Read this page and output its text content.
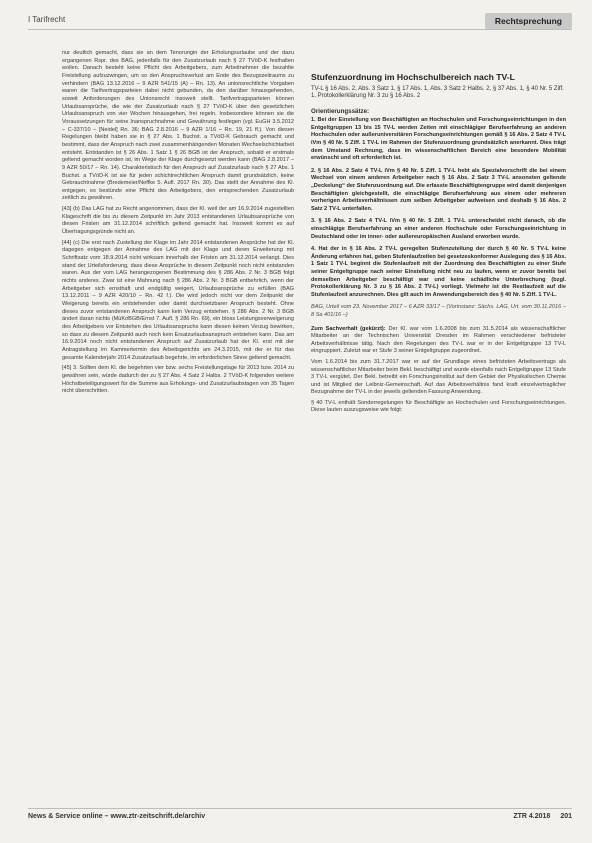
I Tarifrecht	Rechtsprechung

nur deutlich gemacht, dass sie an dem Tenorungin der Erholungsurlaube und der dazu ergangenen Rspr. des BAG, jedenfalls für den Zusatzurlaub nach § 27 TVöD-K festhalten wollen. Danach besteht keine Pflicht des Arbeitgebers, zum Arbeitnehmer die bezahlte Freistellung aufzuzwingen, um so den Anspruchsverlust am Ende des Bezugszeitraums zu verhindern (BAG 13.12.2016 – 9 AZR 541/15 (A) – Rn. 13). An unionsrechtliche Vorgaben waren die Tarifvertragsparteien dabei nicht gebunden, da den darüber hinausgehenden, soweit Anforderungen des Unionsrecht insoweit stellt. Tarifvertragsparteien können Urlaubsansprüche, die wie der Zusatzurlaub nach § 27 TVöD-K über den gesetzlichen Urlaubsanspruch von vier Wochen hinausgehen, frei regeln. Insbesondere können sie die Voraussetzungen für seine Inanspruchnahme und Gewährung festlegen (vgl. EuGH 3.5.2012 – C-337/10 – [Neidel] Rn. 36; BAG 2.8.2016 – 9 AZR 1/16 – Rn. 19, 21 ff.). Von diesen Regelungen bleibt haben sie in § 27 Abs. 1 Buchst. a TVöD-K Gebrauch gemacht und bestimmt, dass der Anspruch nach zwei zusammenhängenden Monaten Wechselschichtarbeit entsteht. Entstanden ist § 26 Abs. 1 Satz 1 § 26 BGB ist der Anspruch, sobald er erstmals geltend gemacht worden ist, im Wege der Klage durchgesetzt werden kann (BAG 2.8.2017 – 9 AZR 50/17 – Rn. 14). Charakteristisch für den Anspruch auf Zusatzurlaub nach § 27 Abs. 1 Buchst. a TVöD-K ist sie für jeden schichtrechtlichen Anspruch damit grundsätzlich, keine Gebrauchtnahme (Bredemeier/Neffke 5. Aufl. 2017 Rn. 30). Das stellt der Annahme des Kl. entgegen, es bestünde eine Pflicht des Arbeitgebers, den entsprechenden Zusatzurlaub zeitlich zu gewähren.

[43] (b) Das LAG hat zu Recht angenommen, dass der Kl. weil der am 16.9.2014 zugestellten Klageschrift die bis zu diesem Zeitpunkt im Jahr 2013 entstandenen Urlaubsansprüche von diesen Fristen am 31.12.2014 schriftlich geltend gemacht hat. Insoweit kommt es auf Übertragungsgründe nicht an.

[44] (c) Die erst nach Zustellung der Klage im Jahr 2014 entstandenen Ansprüche hat der Kl. dagegen entgegen der Annahme des LAG mit der Klage und deren Erweiterung mit Schriftsatz vom 18.9.2014 nicht wirksam innerhalb der Fristen am 31.12.2014 verlangt. Dies stand der Urteilsforderung, dass diese Ansprüche in diesem Zeitpunkt noch nicht entstanden waren. Aus der vom LAG herangezogenen Bestimmung des § 286 Abs. 2 Nr. 3 BGB folgt nichts anderes. Zwar ist eine Mahnung nach § 286 Abs. 2 Nr. 3 BGB entbehrlich, wenn der Arbeitgeber sich ernsthaft und endgültig weigert, Urlaubsansprüche zu erfüllen (BAG 13.12.2011 – 9 AZR 420/10 – Rn. 42 f.). Die wird jedoch nicht vor dem Zeitpunkt der Weigerung bereits ein entstehender oder damit durchsetzbarer Anspruch besteht. Ohne dieses zuvor entstandenen Anspruch kann kein Verzug entstehen. § 286 Abs. 2 Nr. 3 BGB ändert daran nichts (MüKoBGB/Ernst 7. Aufl. § 286 Rn. 69), ein bloss Leistungsverweigerung des Arbeitgebers vor Entstehen des Urlaubsanspruchs kann diesen keinen Verzug bewirken, so dass zu diesem Zeitpunkt auch noch kein Ersatzurlaubsanspruch entstehen kann. Das am 16.9.2014 noch nicht entstandenen Anspruch auf Zusatzurlaub hat der Kl. erst mit der Antragstellung im Kammertermin des Arbeitsgerichts am 24.3.2015, mit der er für das gesamte Kalenderjahr 2014 Zusatzurlaub begehrte, im erforderlichen Sinne geltend gemacht.

[45] 3. Sollten dem Kl. die begehrten vier bzw. sechs Freistellungstage für 2013 bzw. 2014 zu gewähren sein, würde dadurch der zu § 27 Abs. 4 Satz 2 Halbs. 2 TVöD-K folgenden weitere Höchstbeteiligungswert für die Summe aus Erholungs- und Zusatzurlaubstagen von 35 Tagen nicht überschritten.

Stufenzuordnung im Hochschulbereich nach TV-L
TV-L § 16 Abs. 2, Abs. 3 Satz 1, § 17 Abs. 1, Abs. 3 Satz 2 Halbs. 2, § 37 Abs. 1, § 40 Nr. 5 Ziff. 1, Protokollerklärung Nr. 3 zu § 16 Abs. 2
Orientierungssätze:

1. Bei der Einstellung von Beschäftigten an Hochschulen und Forschungseinrichtungen in den Entgeltgruppen 13 bis 15 TV-L werden Zeiten mit einschlägiger Berufserfahrung an anderen Hochschulen oder außeruniversitären Forschungseinrichtungen gemäß § 16 Abs. 2 Satz 4 TV-L iVm § 40 Nr. 5 Ziff. 1 TV-L im Rahmen der Stufenzuordnung grundsätzlich anerkannt. Dies trägt dem Umstand Rechnung, dass im wissenschaftlichen Bereich eine besondere Mobilität erwünscht und oft erforderlich ist.

2. § 16 Abs. 2 Satz 4 TV-L iVm § 40 Nr. 5 Ziff. 1 TV-L hebt als Spezialvorschrift die bei einem Wechsel von einem anderen Arbeitgeber nach § 16 Abs. 2 Satz 3 TV-L ansonsten geltende „Deckelung“ der Stufenzuordnung auf. Die erfasste Beschäftigtengruppe wird damit denjenigen Beschäftigten gleichgestellt, die einschlägige Berufserfahrung aus einem oder mehreren vorherigen Arbeitsverhältnissen zum selben Arbeitgeber aufweisen und deshalb § 16 Abs. 2 Satz 2 TV-L unterfallen.

3. § 16 Abs. 2 Satz 4 TV-L iVm § 40 Nr. 5 Ziff. 1 TV-L unterscheidet nicht danach, ob die einschlägige Berufserfahrung an einer anderen Hochschule oder Forschungseinrichtung in Deutschland oder im inner- oder außereuropäischen Ausland erworben wurde.

4. Hat der in § 16 Abs. 2 TV-L geregelten Stufenzuteilung der durch § 40 Nr. 5 TV-L keine Änderung erfahren hat, geben Stufenlaufzeiten bei gesetzeskonformer Auslegung des § 16 Abs. 1 Satz 1 TV-L beginnt die Stufenlaufzeit mit der Zuordnung des Beschäftigten zu einer Stufe seiner Entgeltgruppe nach seiner Einstellung nicht neu zu laufen, wenn er zuvor bereits bei demselben Arbeitgeber beschäftigt war und keine schädliche Unterbrechung (bzgl. Protokollerklärung Nr. 3 zu § 16 Abs. 2 TV-L) vorliegt. Vielmehr ist die Restlaufzeit auf die Stufenlaufzeit anzurechnen. Dies gilt auch im Anwendungsbereich des § 40 Nr. 5 Ziff. 1 TV-L.

BAG, Urteil vom 23. November 2017 – 6 AZR 33/17 – (Vorinstanz: Sächs. LAG, Urt. vom 30.11.2016 – 8 Sa 401/16 –)

Zum Sachverhalt (gekürzt): Der Kl. war vom 1.6.2008 bis zum 31.5.2014 als wissenschaftlicher Mitarbeiter an der Technischen Universität Dresden im Rahmen verschiedener befristeter Arbeitsverhältnisse tätig. Nach den Regelungen des TV-L war er in der Entgeltgruppe 13 TV-L eingruppiert. Zuletzt war er Stufe 3 seiner Entgeltgruppe zugeordnet.

Vom 1.6.2014 bis zum 31.7.2017 war er auf der Grundlage eines befristeten Arbeitsvertrags als wissenschaftlicher Mitarbeiter beim Bekl. beschäftigt und wurde ebenfalls nach Entgeltgruppe 13 Stufe 3 TV-L vergütet. Der Bekl. betreibt ein Forschungsinstitut auf dem Gebiet der Physikalischen Chemie und ist Mitglied der Leibniz-Gemeinschaft. Auf das Arbeitsverhältnis fand kraft einzelvertraglicher Bezugnahme der TV-L in der jeweils geltenden Fassung Anwendung.

§ 40 TV-L enthält Sonderregelungen für Beschäftigte an Hochschulen und Forschungseinrichtungen. Diese lauten auszugsweise wie folgt:

News & Service online – www.ztr-zeitschrift.de/archiv	ZTR 4.2018 201
